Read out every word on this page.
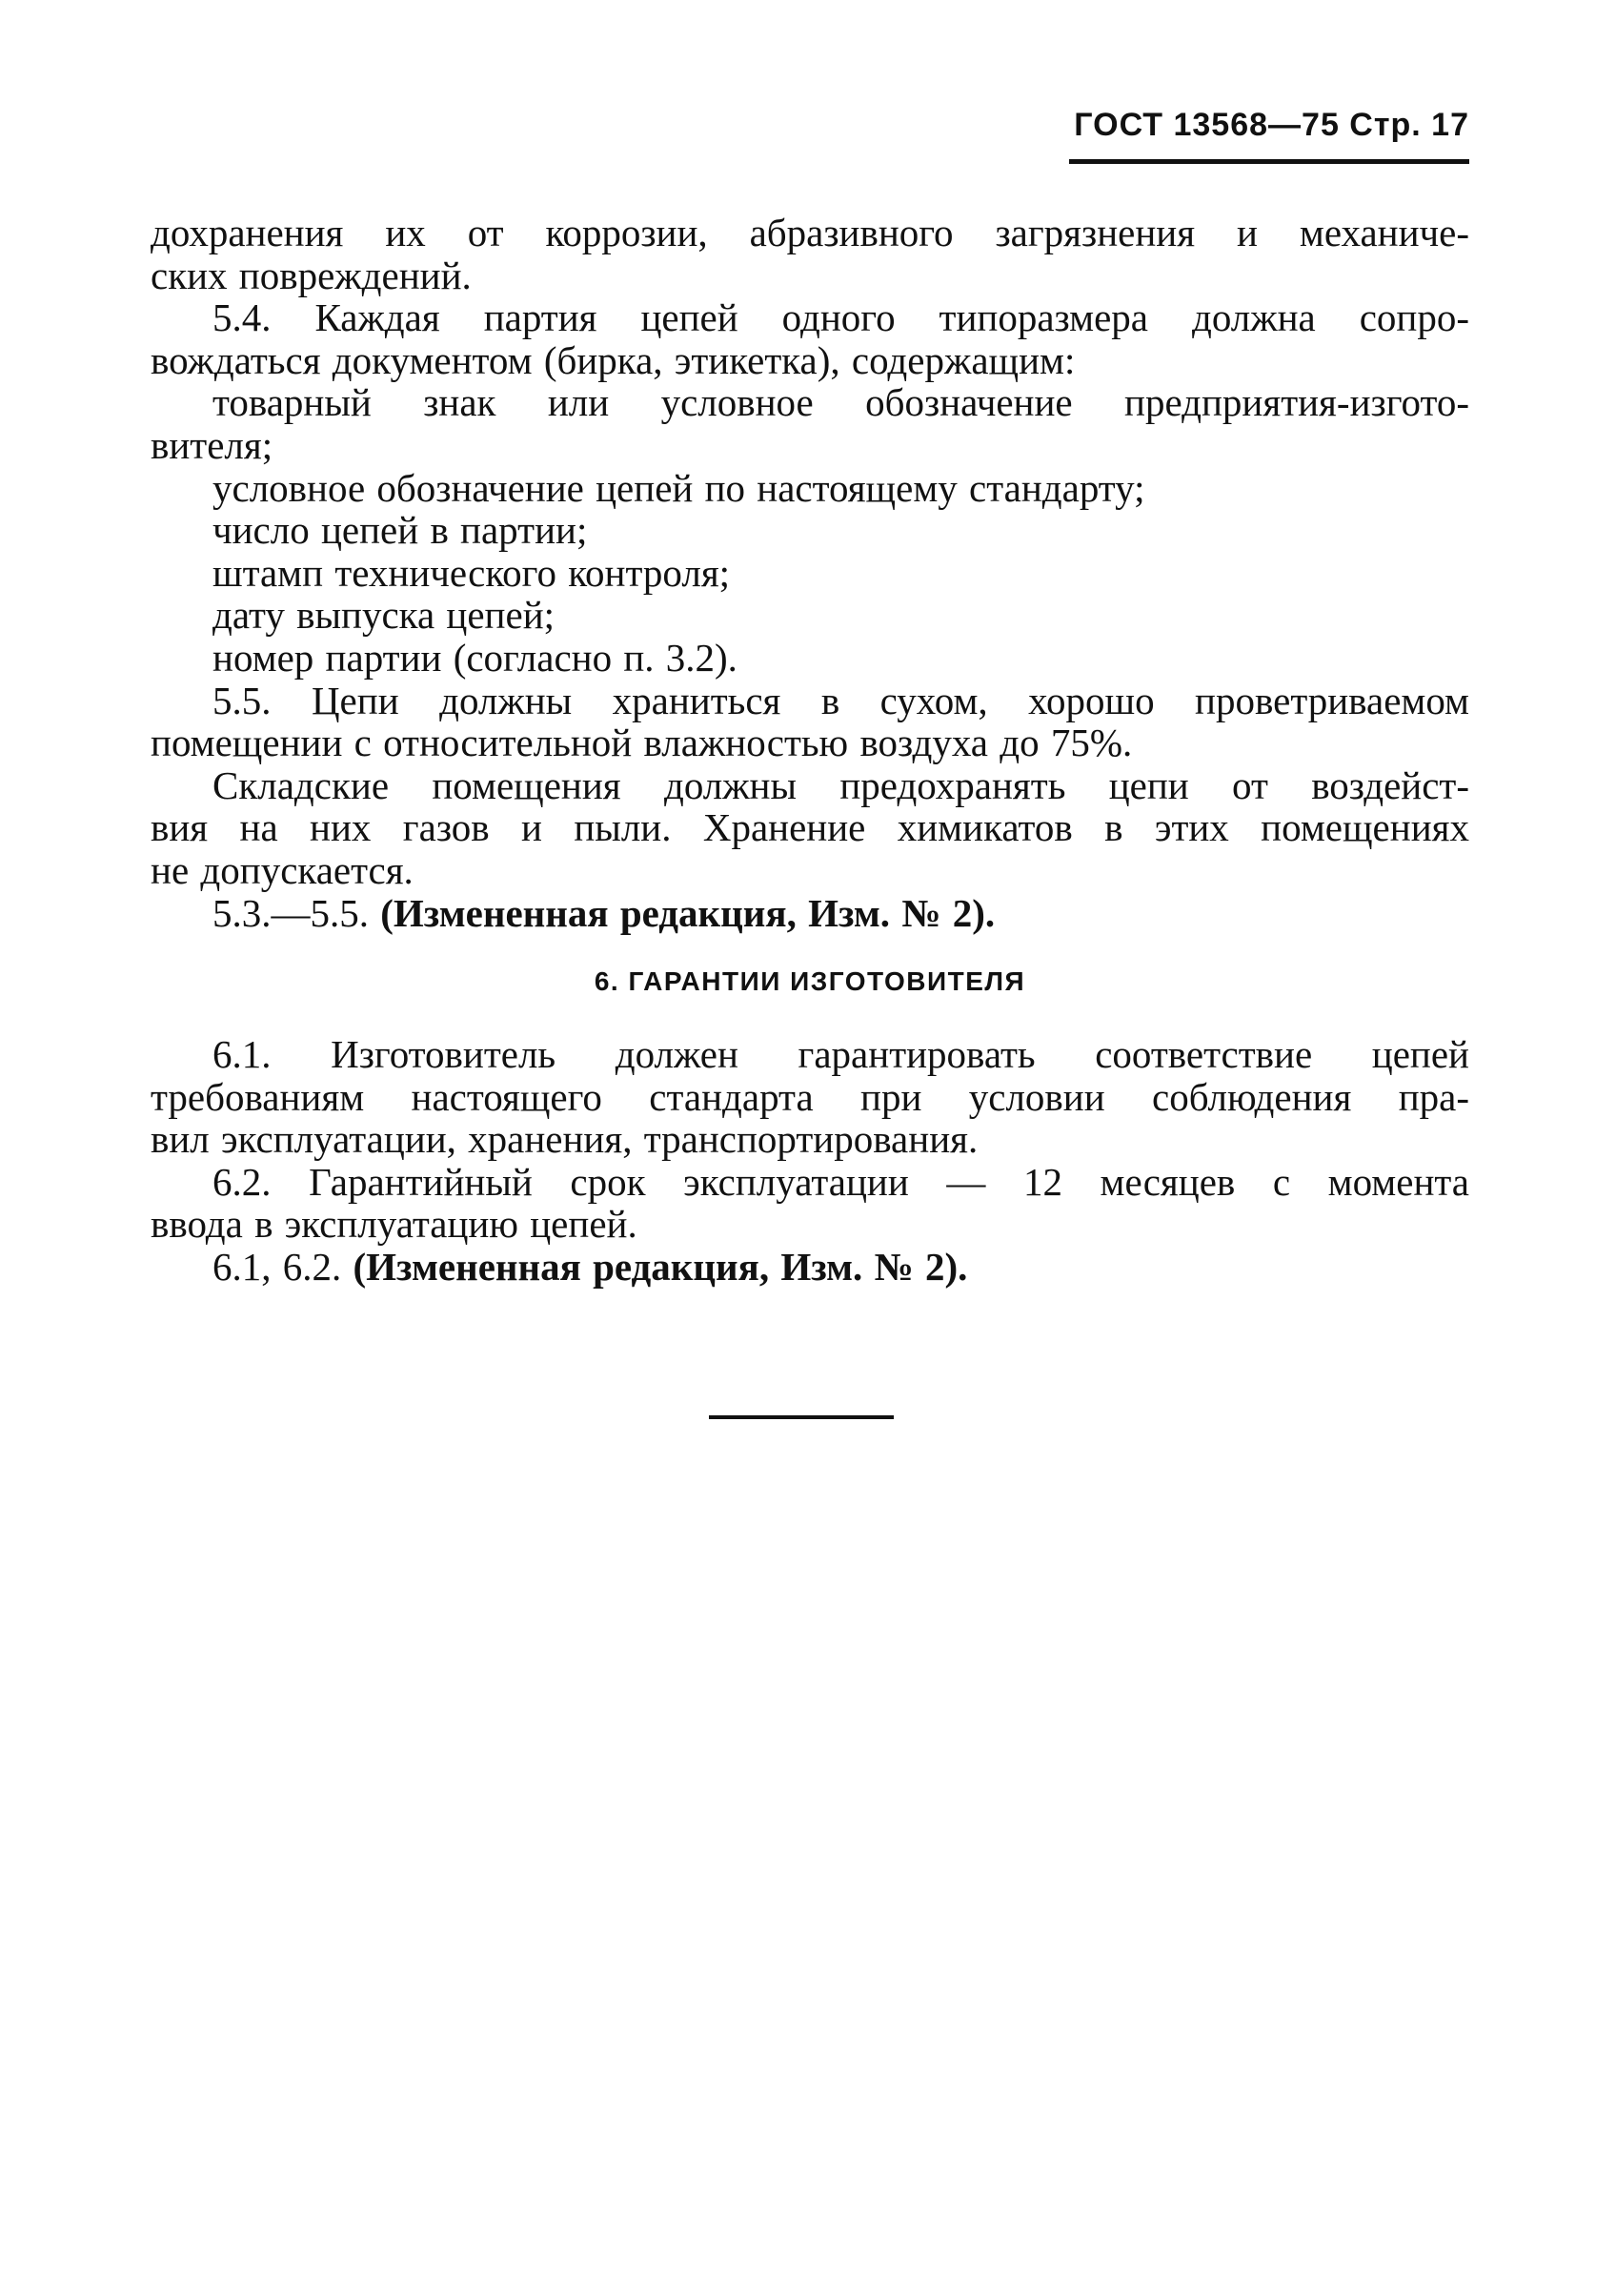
ГОСТ 13568—75 Стр. 17
дохранения их от коррозии, абразивного загрязнения и механиче-
ских повреждений.
5.4. Каждая партия цепей одного типоразмера должна сопро-
вождаться документом (бирка, этикетка), содержащим:
товарный знак или условное обозначение предприятия-изгото-
вителя;
условное обозначение цепей по настоящему стандарту;
число цепей в партии;
штамп технического контроля;
дату выпуска цепей;
номер партии (согласно п. 3.2).
5.5. Цепи должны храниться в сухом, хорошо проветриваемом
помещении с относительной влажностью воздуха до 75%.
Складские помещения должны предохранять цепи от воздейст-
вия на них газов и пыли. Хранение химикатов в этих помещениях
не допускается.
5.3.—5.5. (Измененная редакция, Изм. № 2).
6. ГАРАНТИИ ИЗГОТОВИТЕЛЯ
6.1. Изготовитель должен гарантировать соответствие цепей
требованиям настоящего стандарта при условии соблюдения пра-
вил эксплуатации, хранения, транспортирования.
6.2. Гарантийный срок эксплуатации — 12 месяцев с момента
ввода в эксплуатацию цепей.
6.1, 6.2. (Измененная редакция, Изм. № 2).
